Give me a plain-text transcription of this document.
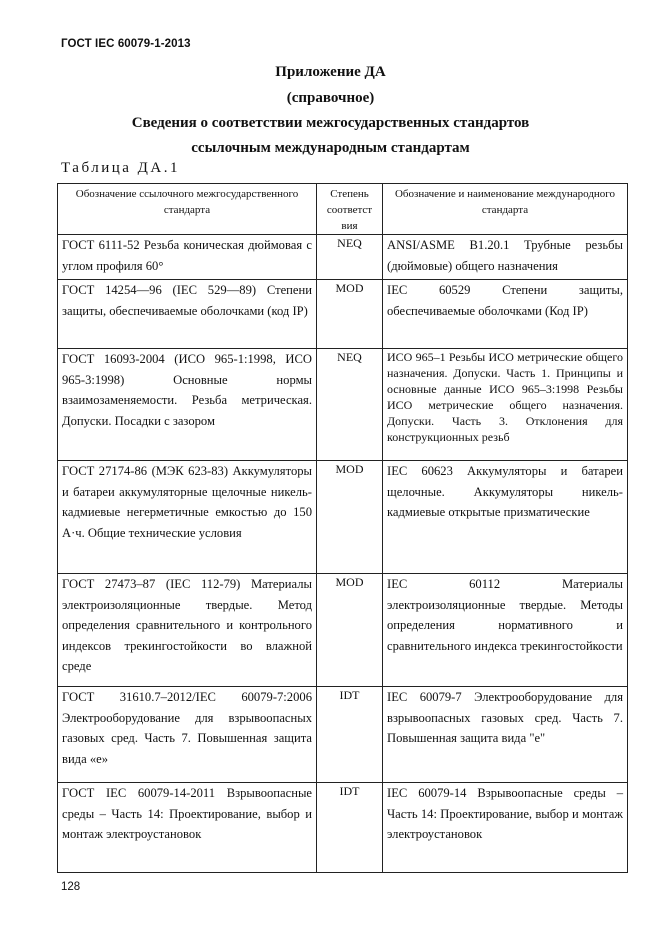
ГОСТ IEC 60079-1-2013
Приложение ДА
(справочное)
Сведения о соответствии межгосударственных стандартов
ссылочным международным стандартам
Таблица ДА.1
Обозначение ссылочного межгосударственного стандарта	Степень соответст вия	Обозначение и наименование международного стандарта
ГОСТ 6111-52 Резьба коническая дюймовая с углом профиля 60°	NEQ	ANSI/ASME B1.20.1 Трубные резьбы (дюймовые) общего назначения
ГОСТ 14254—96 (IEC 529—89) Степени защиты, обеспечиваемые оболочками (код IP)	MOD	IEC 60529 Степени защиты, обеспечиваемые оболочками (Код IP)
ГОСТ 16093-2004 (ИСО 965-1:1998, ИСО 965-3:1998) Основные нормы взаимозаменяемости. Резьба метрическая. Допуски. Посадки с зазором	NEQ	ИСО 965–1 Резьбы ИСО метрические общего назначения. Допуски. Часть 1. Принципы и основные данные ИСО 965–3:1998 Резьбы ИСО метрические общего назначения. Допуски. Часть 3. Отклонения для конструкционных резьб
ГОСТ 27174-86 (МЭК 623-83) Аккумуляторы и батареи аккумуляторные щелочные никель-кадмиевые негерметичные емкостью до 150 А·ч. Общие технические условия	MOD	IEC 60623 Аккумуляторы и батареи щелочные. Аккумуляторы никель-кадмиевые открытые призматические
ГОСТ 27473–87 (IEC 112-79) Материалы электроизоляционные твердые. Метод определения сравнительного и контрольного индексов трекингостойкости во влажной среде	MOD	IEC 60112 Материалы электроизоляционные твердые. Методы определения нормативного и сравнительного индекса трекингостойкости
ГОСТ 31610.7–2012/IEC 60079-7:2006 Электрооборудование для взрывоопасных газовых сред. Часть 7. Повышенная защита вида «е»	IDT	IEC 60079-7 Электрооборудование для взрывоопасных газовых сред. Часть 7. Повышенная защита вида "е"
ГОСТ IEC 60079-14-2011 Взрывоопасные среды – Часть 14: Проектирование, выбор и монтаж электроустановок	IDT	IEC 60079-14 Взрывоопасные среды – Часть 14: Проектирование, выбор и монтаж электроустановок
128
